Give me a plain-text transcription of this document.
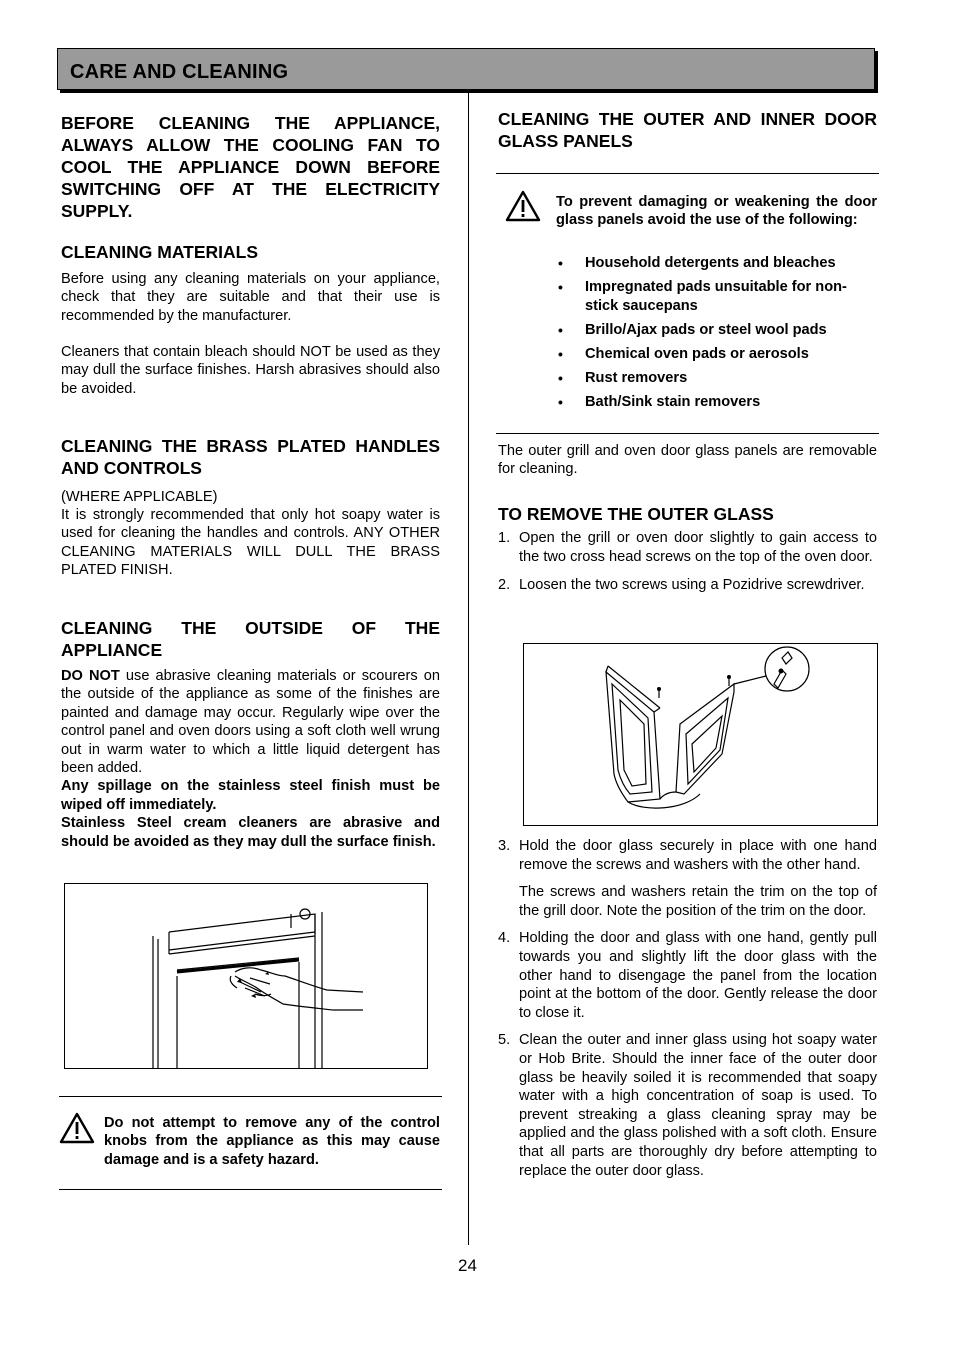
CARE AND CLEANING

BEFORE CLEANING THE APPLIANCE, ALWAYS ALLOW THE COOLING FAN TO COOL THE APPLIANCE DOWN BEFORE SWITCHING OFF AT THE ELECTRICITY SUPPLY.

CLEANING MATERIALS

Before using any cleaning materials on your appliance, check that they are suitable and that their use is recommended by the manufacturer.

Cleaners that contain bleach should NOT be used as they may dull the surface finishes. Harsh abrasives should also be avoided.

CLEANING THE BRASS PLATED HANDLES AND CONTROLS

(WHERE APPLICABLE)

It is strongly recommended that only hot soapy water is used for cleaning the handles and controls. ANY OTHER CLEANING MATERIALS WILL DULL THE BRASS PLATED FINISH.

CLEANING THE OUTSIDE OF THE APPLIANCE

DO NOT use abrasive cleaning materials or scourers on the outside of the appliance as some of the finishes are painted and damage may occur. Regularly wipe over the control panel and oven doors using a soft cloth well wrung out in warm water to which a little liquid detergent has been added.

Any spillage on the stainless steel finish must be wiped off immediately.

Stainless Steel cream cleaners are abrasive and should be avoided as they may dull the surface finish.

Do not attempt to remove any of the control knobs from the appliance as this may cause damage and is a safety hazard.

CLEANING THE OUTER AND INNER DOOR GLASS PANELS

To prevent damaging or weakening the door glass panels avoid the use of the following:

• Household detergents and bleaches
• Impregnated pads unsuitable for non-stick saucepans
• Brillo/Ajax pads or steel wool pads
• Chemical oven pads or aerosols
• Rust removers
• Bath/Sink stain removers

The outer grill and oven door glass panels are removable for cleaning.

TO REMOVE THE OUTER GLASS

1. Open the grill or oven door slightly to gain access to the two cross head screws on the top of the oven door.
2. Loosen the two screws using a Pozidrive screwdriver.
3. Hold the door glass securely in place with one hand remove the screws and washers with the other hand.
The screws and washers retain the trim on the top of the grill door. Note the position of the trim on the door.
4. Holding the door and glass with one hand, gently pull towards you and slightly lift the door glass with the other hand to disengage the panel from the location point at the bottom of the door. Gently release the door to close it.
5. Clean the outer and inner glass using hot soapy water or Hob Brite. Should the inner face of the outer door glass be heavily soiled it is recommended that soapy water with a high concentration of soap is used. To prevent streaking a glass cleaning spray may be applied and the glass polished with a soft cloth. Ensure that all parts are thoroughly dry before attempting to replace the outer door glass.
24
